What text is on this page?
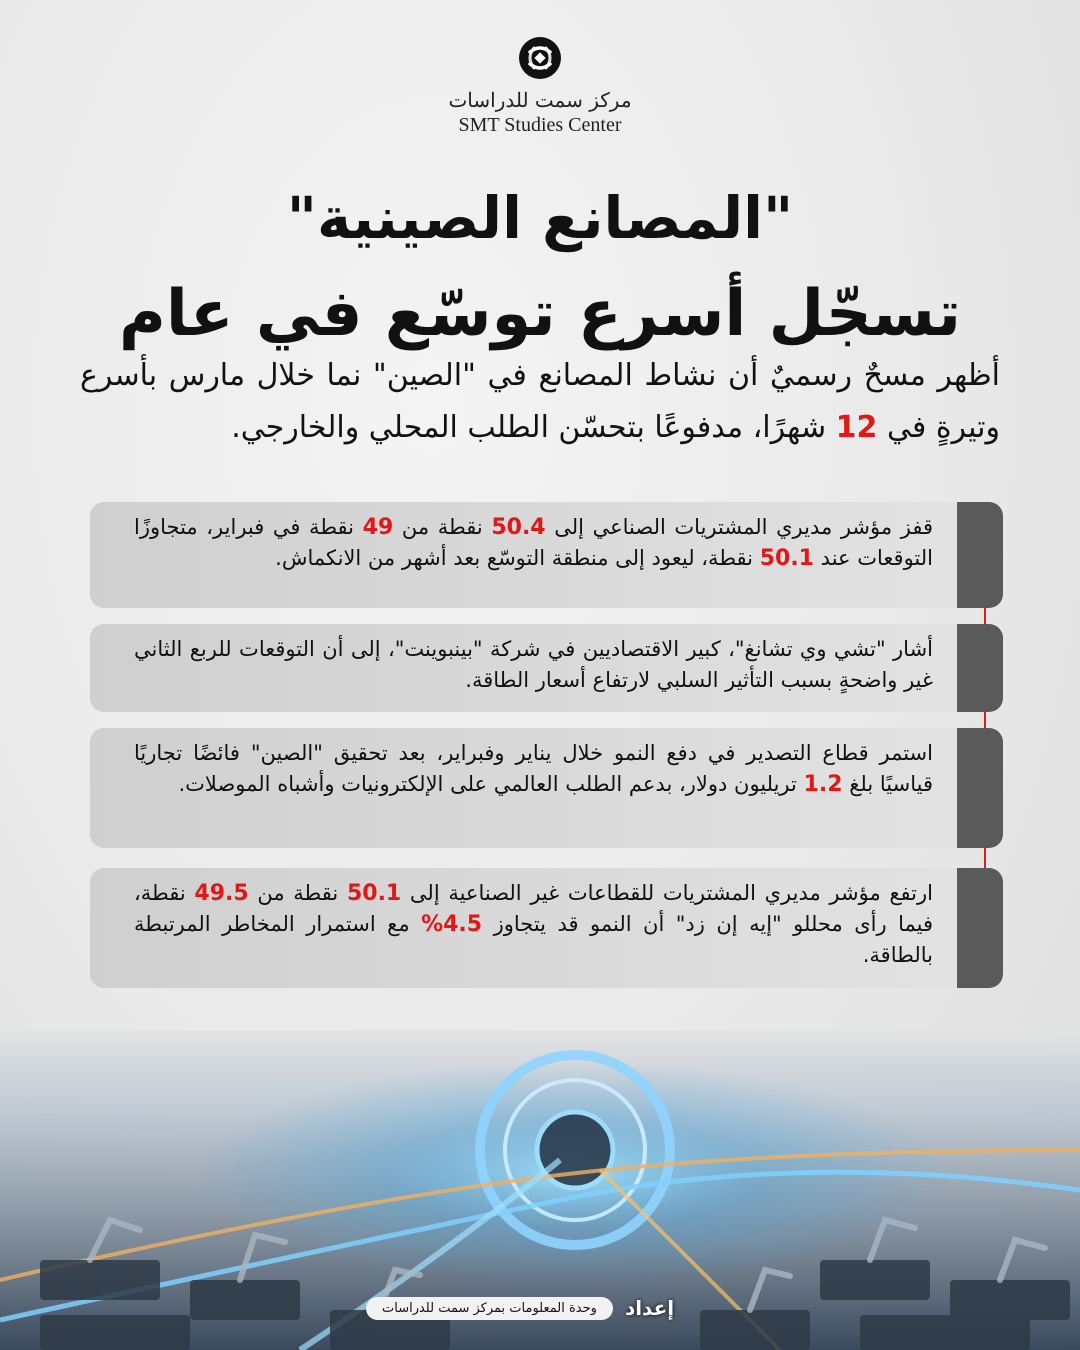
مركز سمت للدراسات
SMT Studies Center
"المصانع الصينية"
تسجّل أسرع توسّع في عام
أظهر مسحٌ رسميٌ أن نشاط المصانع في "الصين" نما خلال مارس بأسرع وتيرةٍ في 12 شهرًا، مدفوعًا بتحسّن الطلب المحلي والخارجي.
قفز مؤشر مديري المشتريات الصناعي إلى 50.4 نقطة من 49 نقطة في فبراير، متجاوزًا التوقعات عند 50.1 نقطة، ليعود إلى منطقة التوسّع بعد أشهر من الانكماش.
أشار "تشي وي تشانغ"، كبير الاقتصاديين في شركة "بينبوينت"، إلى أن التوقعات للربع الثاني غير واضحةٍ بسبب التأثير السلبي لارتفاع أسعار الطاقة.
استمر قطاع التصدير في دفع النمو خلال يناير وفبراير، بعد تحقيق "الصين" فائضًا تجاريًا قياسيًا بلغ 1.2 تريليون دولار، بدعم الطلب العالمي على الإلكترونيات وأشباه الموصلات.
ارتفع مؤشر مديري المشتريات للقطاعات غير الصناعية إلى 50.1 نقطة من 49.5 نقطة، فيما رأى محللو "إيه إن زد" أن النمو قد يتجاوز 4.5% مع استمرار المخاطر المرتبطة بالطاقة.
إعداد
وحدة المعلومات بمركز سمت للدراسات
